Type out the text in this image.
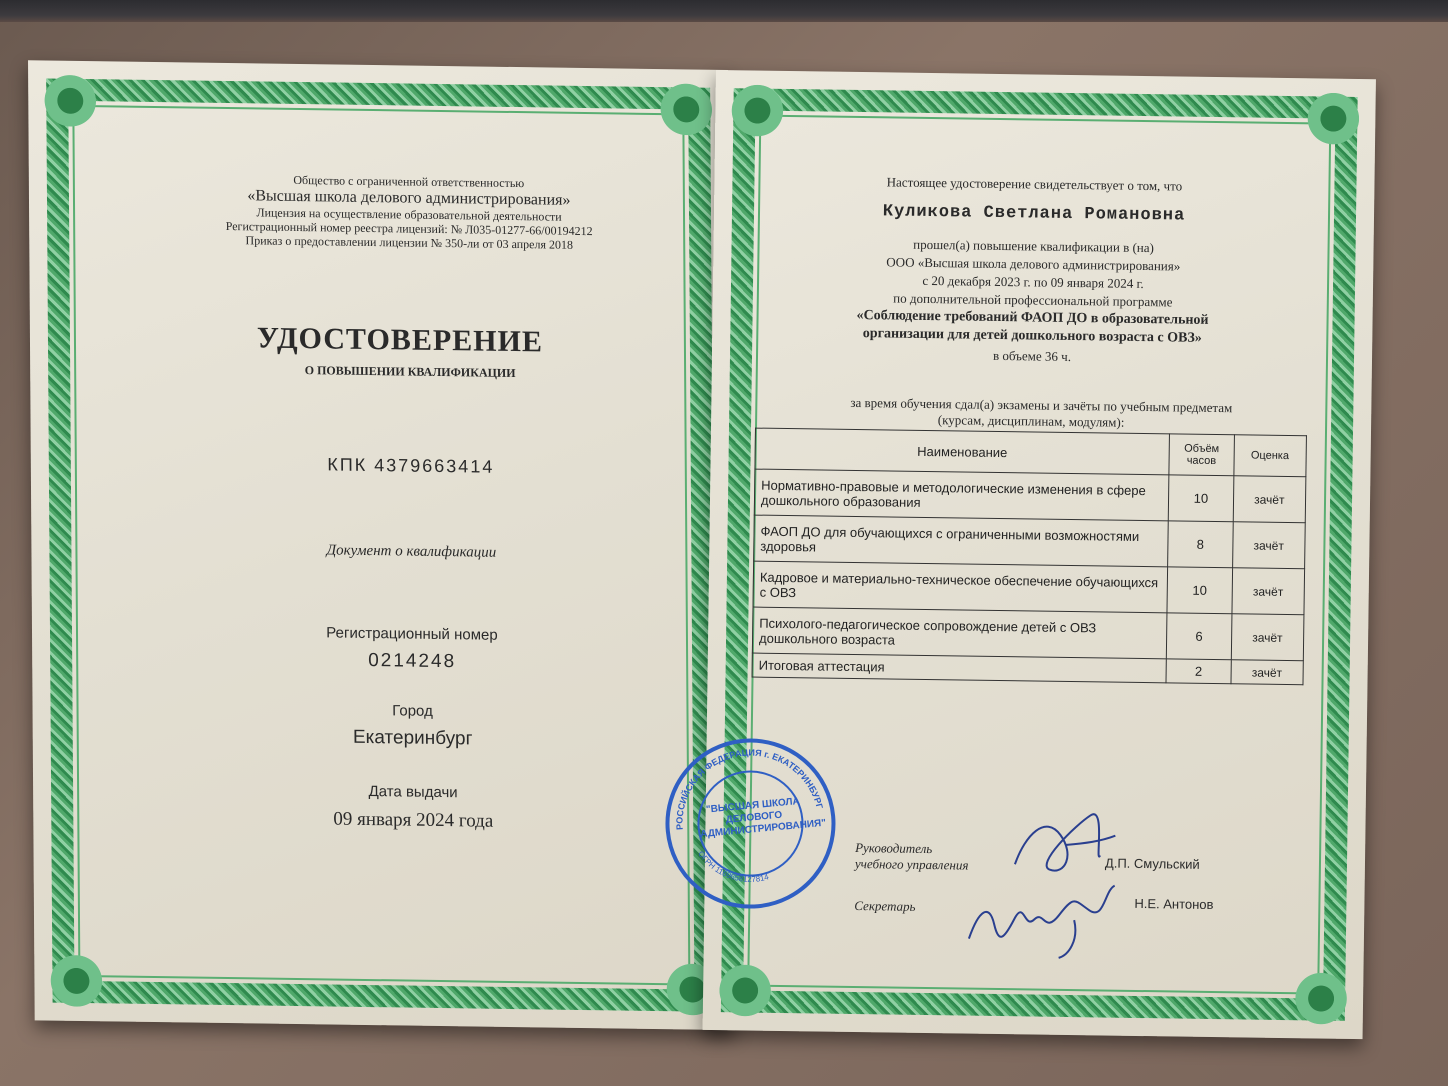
Общество с ограниченной ответственностью
«Высшая школа делового администрирования»
Лицензия на осуществление образовательной деятельности
Регистрационный номер реестра лицензий: № Л035-01277-66/00194212
Приказ о предоставлении лицензии № 350-ли от 03 апреля 2018
УДОСТОВЕРЕНИЕ
О ПОВЫШЕНИИ КВАЛИФИКАЦИИ
КПК 4379663414
Документ о квалификации
Регистрационный номер
0214248
Город
Екатеринбург
Дата выдачи
09 января 2024 года
Настоящее удостоверение свидетельствует о том, что
Куликова Светлана Романовна
прошел(а) повышение квалификации в (на)
ООО «Высшая школа делового администрирования»
с 20 декабря 2023 г. по 09 января 2024 г.
по дополнительной профессиональной программе
«Соблюдение требований ФАОП ДО в образовательной
организации для детей дошкольного возраста с ОВЗ»
в объеме 36 ч.
за время обучения сдал(а) экзамены и зачёты по учебным предметам
(курсам, дисциплинам, модулям):
Наименование	Объём часов	Оценка
Нормативно-правовые и методологические изменения в сфере дошкольного образования	10	зачёт
ФАОП ДО для обучающихся с ограниченными возможностями здоровья	8	зачёт
Кадровое и материально-техническое обеспечение обучающихся с ОВЗ	10	зачёт
Психолого-педагогическое сопровождение детей с ОВЗ дошкольного возраста	6	зачёт
Итоговая аттестация	2	зачёт
РОССИЙСКАЯ ФЕДЕРАЦИЯ г. ЕКАТЕРИНБУРГ
ОГРН 1169658127814
"ВЫСШАЯ ШКОЛА ДЕЛОВОГО АДМИНИСТРИРОВАНИЯ"
Руководитель
учебного управления	Д.П. Смульский
Секретарь	Н.Е. Антонов
